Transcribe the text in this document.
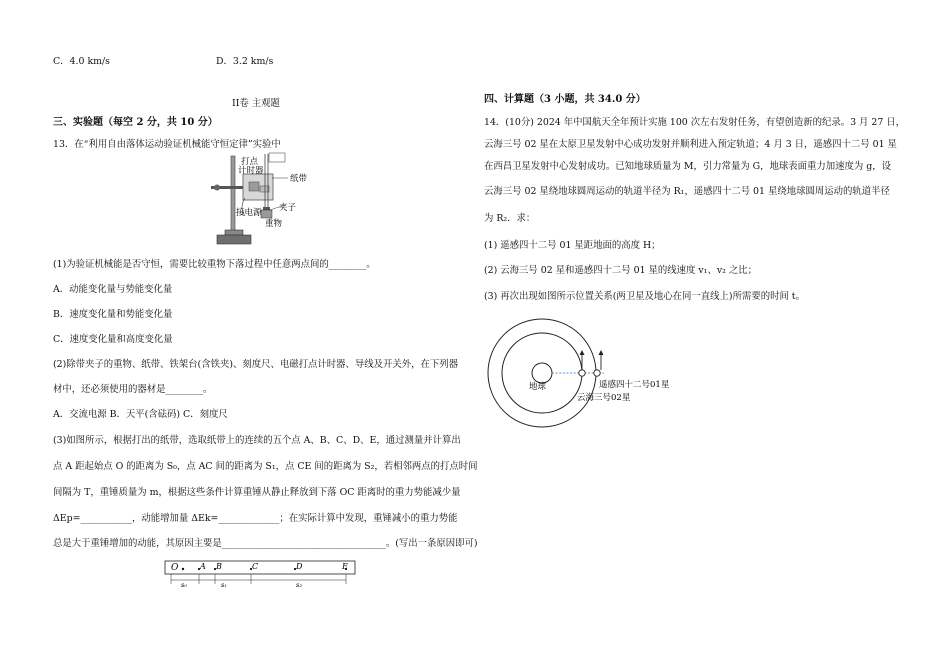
C．4.0 km/s	D．3.2 km/s
II卷 主观题
三、实验题（每空 2 分，共 10 分）
13．在“利用自由落体运动验证机械能守恒定律”实验中
打点
计时器
纸带
接电源 夹子
重物
(1)为验证机械能是否守恒，需要比较重物下落过程中任意两点间的________。
A．动能变化量与势能变化量
B．速度变化量和势能变化量
C．速度变化量和高度变化量
(2)除带夹子的重物、纸带、铁架台(含铁夹)、刻度尺、电磁打点计时器、导线及开关外，在下列器
材中，还必须使用的器材是________。
A．交流电源 B．天平(含砝码) C．刻度尺
(3)如图所示，根据打出的纸带，选取纸带上的连续的五个点 A、B、C、D、E，通过测量并计算出
点 A 距起始点 O 的距离为 S₀，点 AC 间的距离为 S₁，点 CE 间的距离为 S₂，若相邻两点的打点时间
间隔为 T，重锤质量为 m，根据这些条件计算重锤从静止释放到下落 OC 距离时的重力势能减少量
ΔEp=___________，动能增加量 ΔEk=_____________；在实际计算中发现，重锤减小的重力势能
总是大于重锤增加的动能，其原因主要是___________________________________。(写出一条原因即可)
O	A B	C	D	E
s₀	s₁	s₂
四、计算题（3 小题，共 34.0 分）
14．(10分) 2024 年中国航天全年预计实施 100 次左右发射任务，有望创造新的纪录。3 月 27 日，
云海三号 02 星在太原卫星发射中心成功发射并顺利进入预定轨道；4 月 3 日，遥感四十二号 01 星
在西昌卫星发射中心发射成功。已知地球质量为 M，引力常量为 G，地球表面重力加速度为 g，设
云海三号 02 星绕地球圆周运动的轨道半径为 R₁，遥感四十二号 01 星绕地球圆周运动的轨道半径
为 R₂．求：
(1) 遥感四十二号 01 星距地面的高度 H；
(2) 云海三号 02 星和遥感四十二号 01 星的线速度 v₁、v₂ 之比；
(3) 再次出现如图所示位置关系(两卫星及地心在同一直线上)所需要的时间 t。
地球	遥感四十二号01星
云海三号02星
